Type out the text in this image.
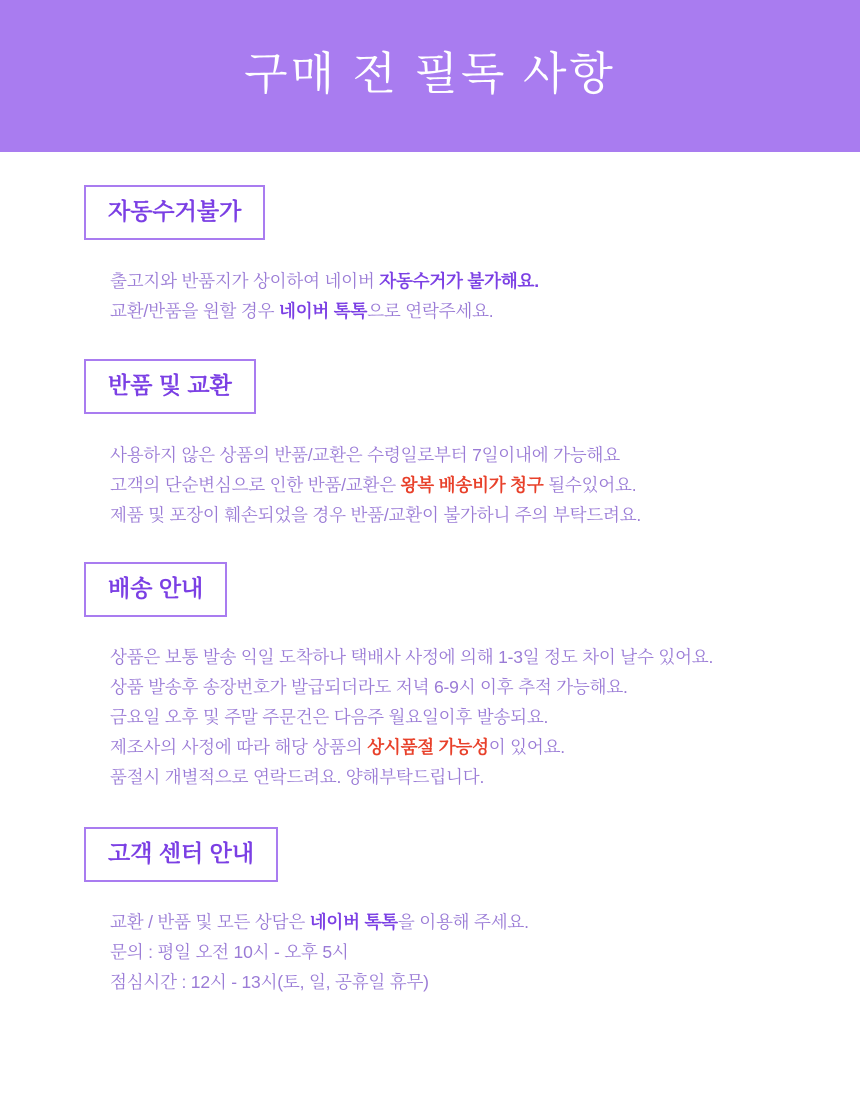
구매 전 필독 사항
자동수거불가
출고지와 반품지가 상이하여 네이버 자동수거가 불가해요.
교환/반품을 원할 경우 네이버 톡톡으로 연락주세요.
반품 및 교환
사용하지 않은 상품의 반품/교환은 수령일로부터 7일이내에 가능해요
고객의 단순변심으로 인한 반품/교환은 왕복 배송비가 청구 될수있어요.
제품 및 포장이 훼손되었을 경우 반품/교환이 불가하니 주의 부탁드려요.
배송 안내
상품은 보통 발송 익일 도착하나 택배사 사정에 의해 1-3일 정도 차이 날수 있어요.
상품 발송후 송장번호가 발급되더라도 저녁 6-9시 이후 추적 가능해요.
금요일 오후 및 주말 주문건은 다음주 월요일이후 발송되요.
제조사의 사정에 따라 해당 상품의 상시품절 가능성이 있어요.
품절시 개별적으로 연락드려요. 양해부탁드립니다.
고객 센터 안내
교환 / 반품 및 모든 상담은 네이버 톡톡을 이용해 주세요.
문의 : 평일 오전 10시 - 오후 5시
점심시간 : 12시 - 13시(토, 일, 공휴일 휴무)
